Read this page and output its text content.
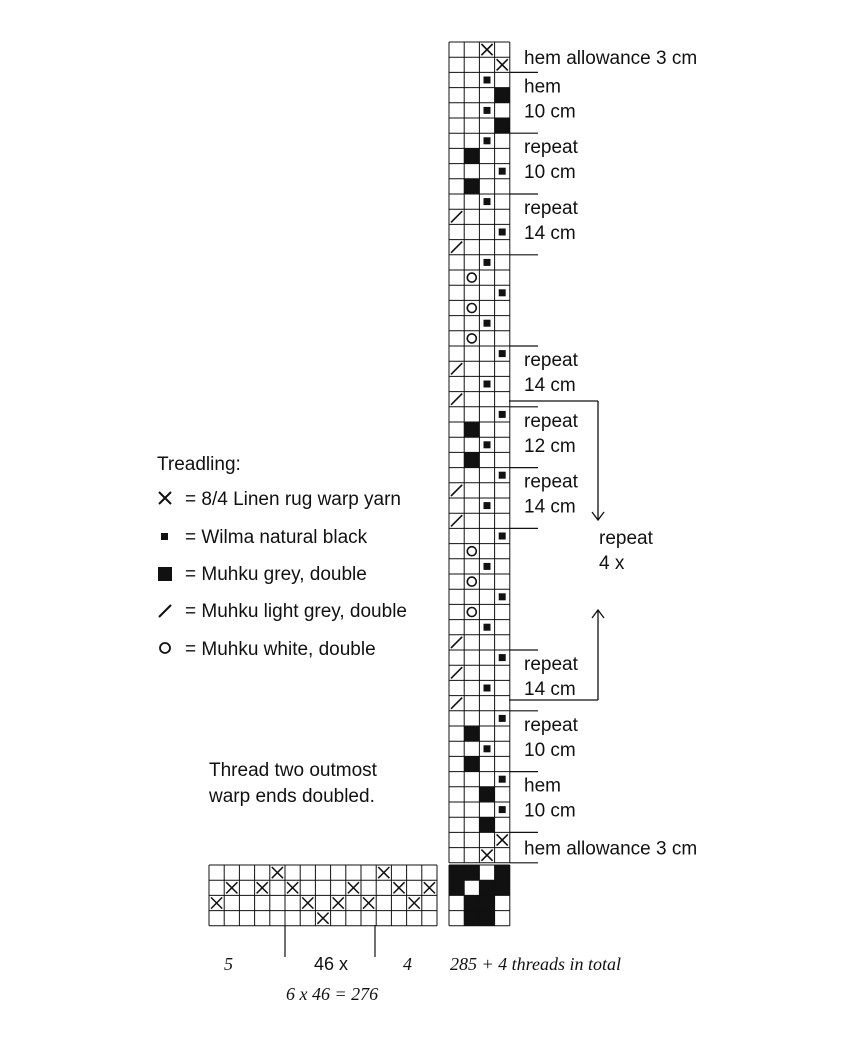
hem allowance 3 cm
hem
10 cm
repeat
10 cm
repeat
14 cm
repeat
14 cm
repeat
12 cm
repeat
14 cm
repeat
14 cm
repeat
10 cm
hem
10 cm
hem allowance 3 cm
repeat
4 x
Treadling:
= 8/4 Linen rug warp yarn
= Wilma natural black
= Muhku grey, double
= Muhku light grey, double
= Muhku white, double
Thread two outmost
warp ends doubled.
5	46 x	4
6 x 46 = 276
285 + 4 threads in total
